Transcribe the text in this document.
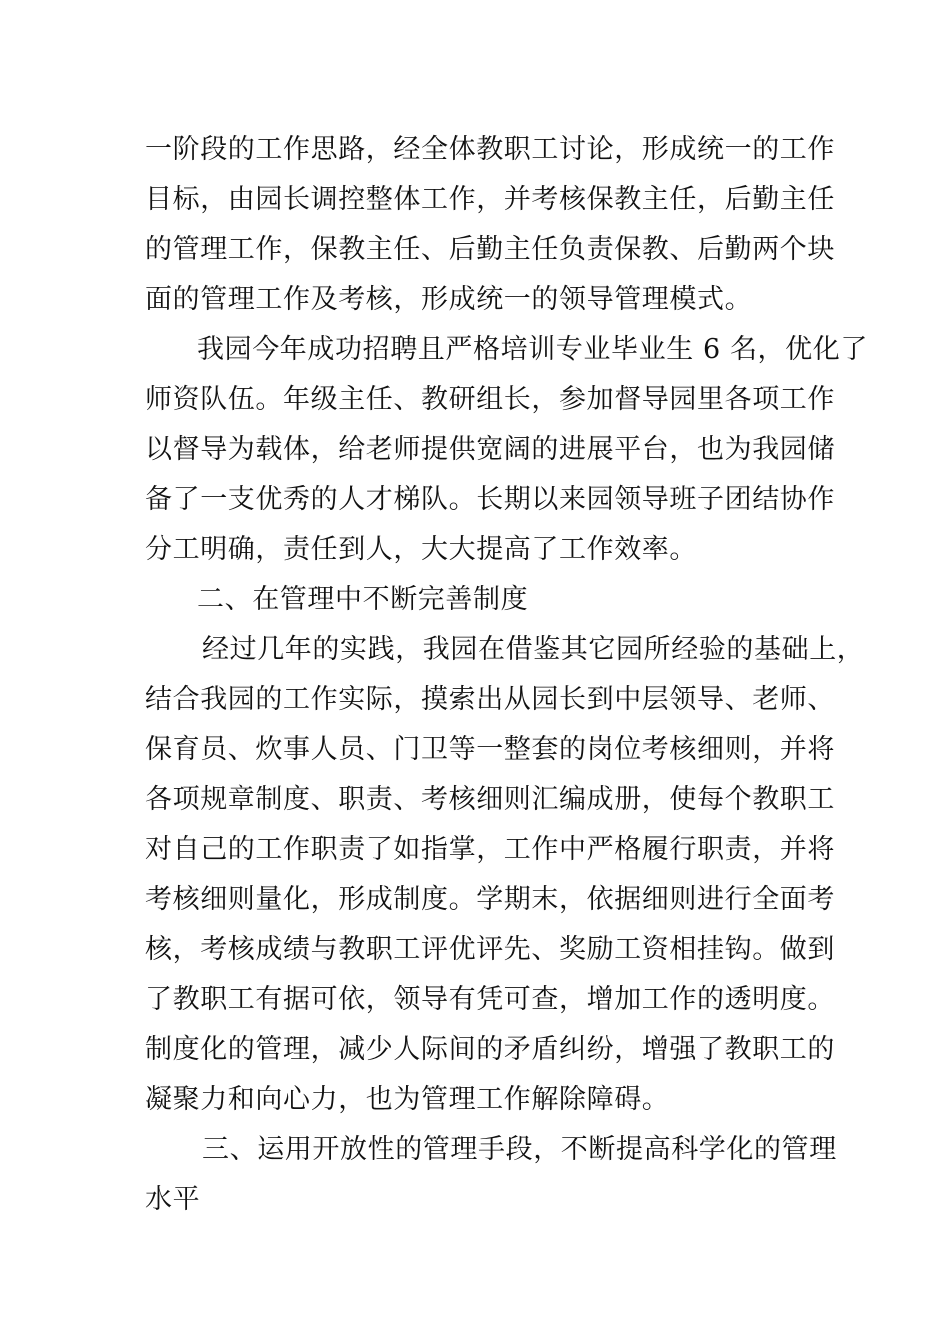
一阶段的工作思路，经全体教职工讨论，形成统一的工作
目标，由园长调控整体工作，并考核保教主任，后勤主任
的管理工作，保教主任、后勤主任负责保教、后勤两个块
面的管理工作及考核，形成统一的领导管理模式。
我园今年成功招聘且严格培训专业毕业生 6 名，优化了
师资队伍。年级主任、教研组长，参加督导园里各项工作
以督导为载体，给老师提供宽阔的进展平台，也为我园储
备了一支优秀的人才梯队。长期以来园领导班子团结协作
分工明确，责任到人，大大提高了工作效率。
二、在管理中不断完善制度
经过几年的实践，我园在借鉴其它园所经验的基础上，
结合我园的工作实际，摸索出从园长到中层领导、老师、
保育员、炊事人员、门卫等一整套的岗位考核细则，并将
各项规章制度、职责、考核细则汇编成册，使每个教职工
对自己的工作职责了如指掌，工作中严格履行职责，并将
考核细则量化，形成制度。学期末，依据细则进行全面考
核，考核成绩与教职工评优评先、奖励工资相挂钩。做到
了教职工有据可依，领导有凭可查，增加工作的透明度。
制度化的管理，减少人际间的矛盾纠纷，增强了教职工的
凝聚力和向心力，也为管理工作解除障碍。
三、运用开放性的管理手段，不断提高科学化的管理
水平
